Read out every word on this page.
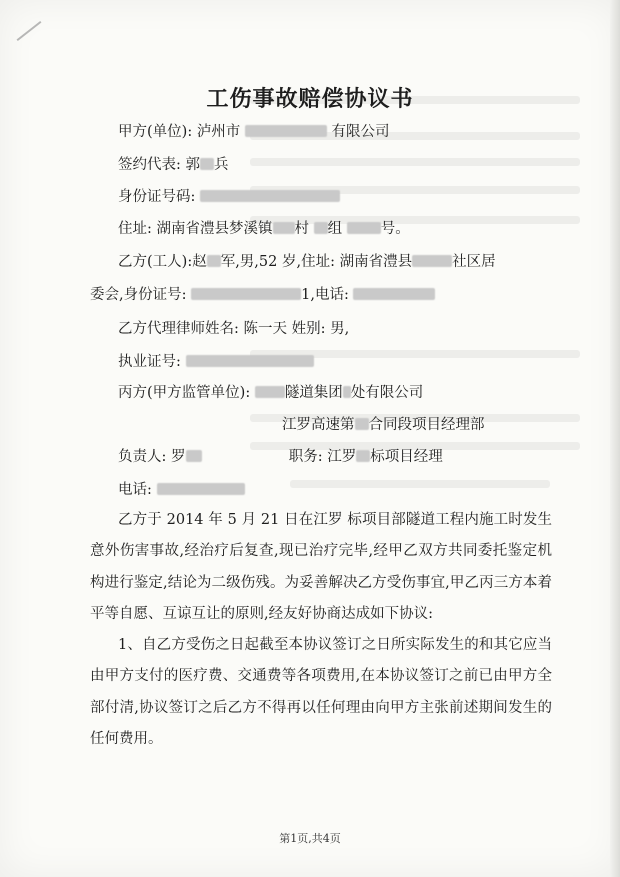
工伤事故赔偿协议书
甲方(单位): 泸州市	有限公司
签约代表: 郭 兵
身份证号码:
住址: 湖南省澧县梦溪镇 村 组	号。
乙方(工人):赵 军,男,52 岁,住址: 湖南省澧县	社区居
委会,身份证号:	1,电话:
乙方代理律师姓名: 陈一天 姓别: 男,
执业证号:
丙方(甲方监管单位): 隧道集团 处有限公司
江罗高速第 合同段项目经理部
负责人: 罗	职务: 江罗 标项目经理
电话:
乙方于 2014 年 5 月 21 日在江罗 标项目部隧道工程内施工时发生意外伤害事故,经治疗后复查,现已治疗完毕,经甲乙双方共同委托鉴定机构进行鉴定,结论为二级伤残。为妥善解决乙方受伤事宜,甲乙丙三方本着平等自愿、互谅互让的原则,经友好协商达成如下协议:
1、自乙方受伤之日起截至本协议签订之日所实际发生的和其它应当由甲方支付的医疗费、交通费等各项费用,在本协议签订之前已由甲方全部付清,协议签订之后乙方不得再以任何理由向甲方主张前述期间发生的任何费用。
第1页,共4页
